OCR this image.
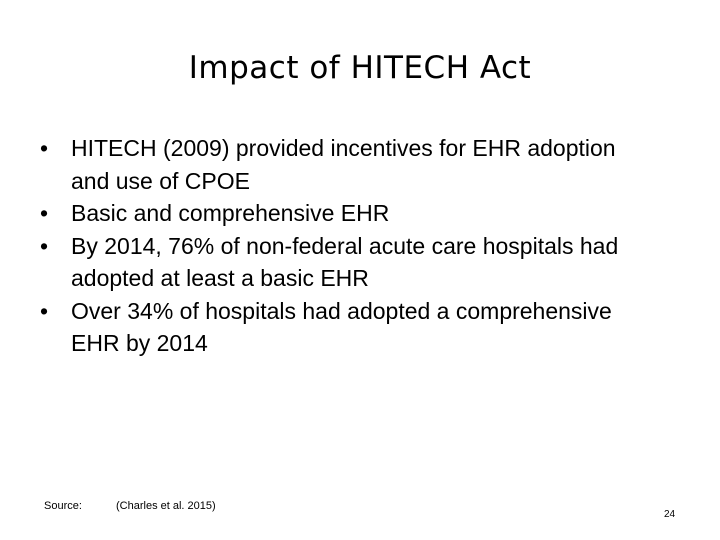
Impact of HITECH Act
• HITECH (2009) provided incentives for EHR adoption and use of CPOE
• Basic and comprehensive EHR
• By 2014, 76% of non-federal acute care hospitals had adopted at least a basic EHR
• Over 34% of hospitals had adopted a comprehensive EHR by 2014
Source:	(Charles et al. 2015)
24
